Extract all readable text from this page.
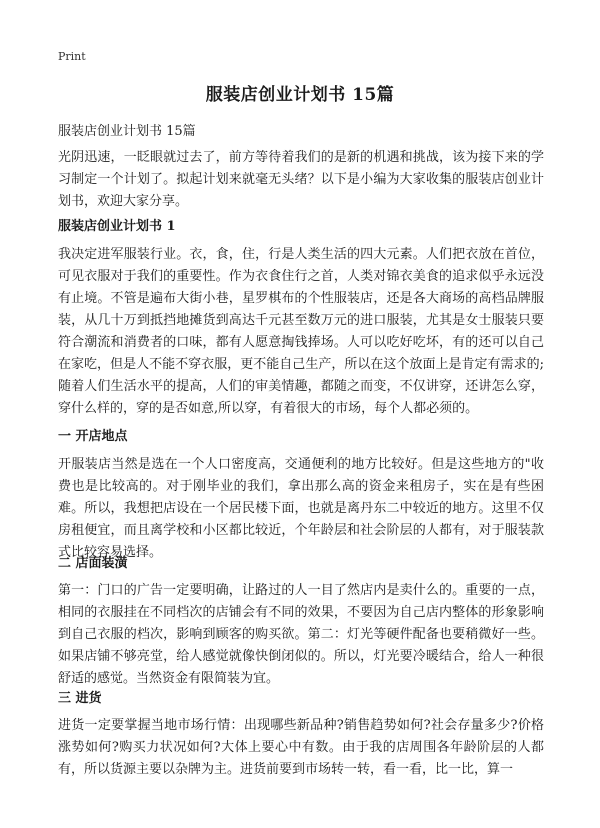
Print
服装店创业计划书 15篇
服装店创业计划书 15篇

光阴迅速，一眨眼就过去了，前方等待着我们的是新的机遇和挑战，该为接下来的学习制定一个计划了。拟起计划来就毫无头绪？以下是小编为大家收集的服装店创业计划书，欢迎大家分享。

服装店创业计划书 1

我决定进军服装行业。衣，食，住，行是人类生活的四大元素。人们把衣放在首位，可见衣服对于我们的重要性。作为衣食住行之首，人类对锦衣美食的追求似乎永远没有止境。不管是遍布大街小巷，星罗棋布的个性服装店，还是各大商场的高档品牌服装，从几十万到抵挡地摊货到高达千元甚至数万元的进口服装，尤其是女士服装只要符合潮流和消费者的口味，都有人愿意掏钱捧场。人可以吃好吃坏，有的还可以自己在家吃，但是人不能不穿衣服，更不能自己生产，所以在这个放面上是肯定有需求的;随着人们生活水平的提高，人们的审美情趣，都随之而变，不仅讲穿，还讲怎么穿，穿什么样的，穿的是否如意,所以穿，有着很大的市场，每个人都必须的。

一 开店地点

开服装店当然是选在一个人口密度高，交通便利的地方比较好。但是这些地方的"收费也是比较高的。对于刚毕业的我们，拿出那么高的资金来租房子，实在是有些困难。所以，我想把店设在一个居民楼下面，也就是离丹东二中较近的地方。这里不仅房租便宜，而且离学校和小区都比较近，个年龄层和社会阶层的人都有，对于服装款式比较容易选择。

二 店面装潢

第一：门口的广告一定要明确，让路过的人一目了然店内是卖什么的。重要的一点，相同的衣服挂在不同档次的店铺会有不同的效果，不要因为自己店内整体的形象影响到自己衣服的档次，影响到顾客的购买欲。第二：灯光等硬件配备也要稍微好一些。如果店铺不够亮堂，给人感觉就像快倒闭似的。所以，灯光要冷暖结合，给人一种很舒适的感觉。当然资金有限简装为宜。

三 进货

进货一定要掌握当地市场行情：出现哪些新品种?销售趋势如何?社会存量多少?价格涨势如何?购买力状况如何?大体上要心中有数。由于我的店周围各年龄阶层的人都有，所以货源主要以杂牌为主。进货前要到市场转一转，看一看，比一比，算一
